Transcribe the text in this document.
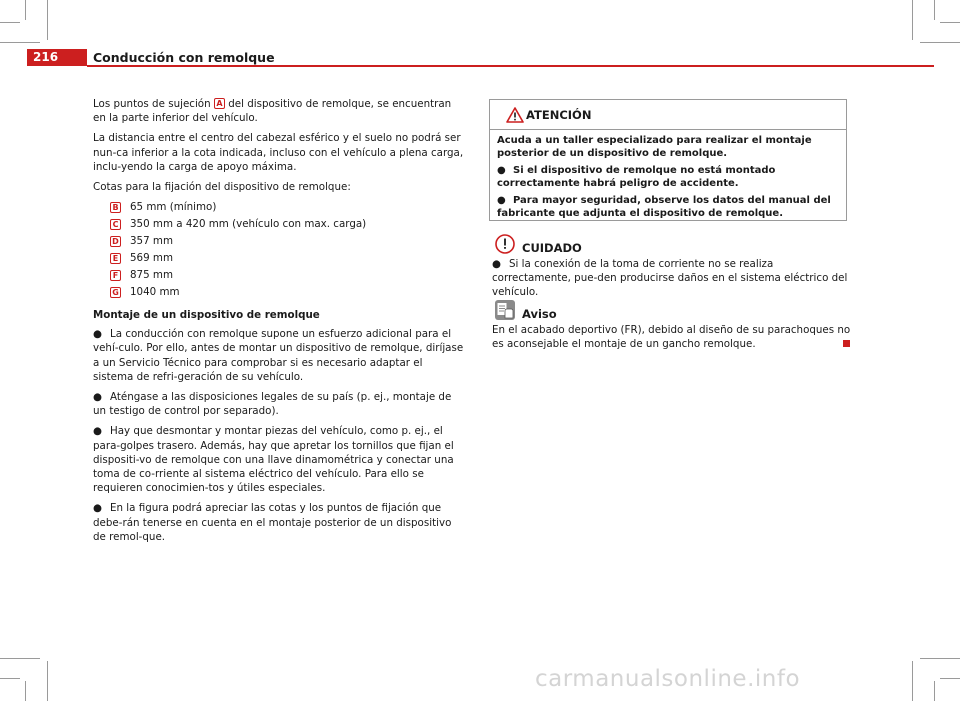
216	Conducción con remolque

Los puntos de sujeción A del dispositivo de remolque, se encuentran en la parte inferior del vehículo.

La distancia entre el centro del cabezal esférico y el suelo no podrá ser nun-ca inferior a la cota indicada, incluso con el vehículo a plena carga, inclu-yendo la carga de apoyo máxima.

Cotas para la fijación del dispositivo de remolque:

B 65 mm (mínimo)
C 350 mm a 420 mm (vehículo con max. carga)
D 357 mm
E 569 mm
F 875 mm
G 1040 mm
Montaje de un dispositivo de remolque

● La conducción con remolque supone un esfuerzo adicional para el vehí-culo. Por ello, antes de montar un dispositivo de remolque, diríjase a un Servicio Técnico para comprobar si es necesario adaptar el sistema de refri-geración de su vehículo.

● Aténgase a las disposiciones legales de su país (p. ej., montaje de un testigo de control por separado).

● Hay que desmontar y montar piezas del vehículo, como p. ej., el para-golpes trasero. Además, hay que apretar los tornillos que fijan el dispositi-vo de remolque con una llave dinamométrica y conectar una toma de co-rriente al sistema eléctrico del vehículo. Para ello se requieren conocimien-tos y útiles especiales.

● En la figura podrá apreciar las cotas y los puntos de fijación que debe-rán tenerse en cuenta en el montaje posterior de un dispositivo de remol-que.

ATENCIÓN

Acuda a un taller especializado para realizar el montaje posterior de un dispositivo de remolque.

● Si el dispositivo de remolque no está montado correctamente habrá peligro de accidente.

● Para mayor seguridad, observe los datos del manual del fabricante que adjunta el dispositivo de remolque.

CUIDADO

● Si la conexión de la toma de corriente no se realiza correctamente, pue-den producirse daños en el sistema eléctrico del vehículo.

Aviso

En el acabado deportivo (FR), debido al diseño de su parachoques no es aconsejable el montaje de un gancho remolque.

carmanualsonline.info
